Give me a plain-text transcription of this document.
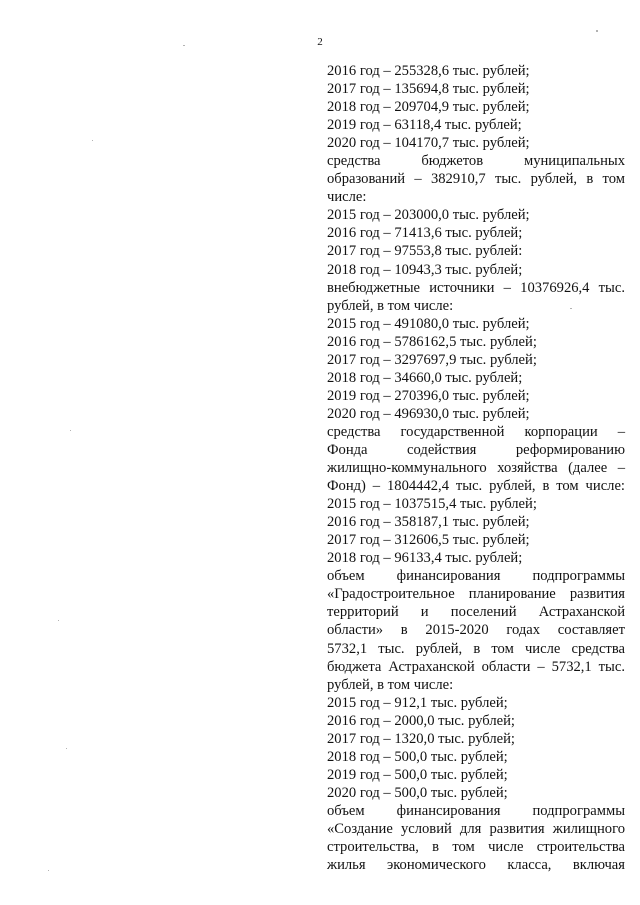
2
2016 год – 255328,6 тыс. рублей;
2017 год – 135694,8 тыс. рублей;
2018 год – 209704,9 тыс. рублей;
2019 год – 63118,4 тыс. рублей;
2020 год – 104170,7 тыс. рублей;
средства бюджетов муниципальных
образований – 382910,7 тыс. рублей, в том
числе:
2015 год – 203000,0 тыс. рублей;
2016 год – 71413,6 тыс. рублей;
2017 год – 97553,8 тыс. рублей:
2018 год – 10943,3 тыс. рублей;
внебюджетные источники – 10376926,4 тыс.
рублей, в том числе:
2015 год – 491080,0 тыс. рублей;
2016 год – 5786162,5 тыс. рублей;
2017 год – 3297697,9 тыс. рублей;
2018 год – 34660,0 тыс. рублей;
2019 год – 270396,0 тыс. рублей;
2020 год – 496930,0 тыс. рублей;
средства государственной корпорации –
Фонда содействия реформированию
жилищно-коммунального хозяйства (далее –
Фонд) – 1804442,4 тыс. рублей, в том числе:
2015 год – 1037515,4 тыс. рублей;
2016 год – 358187,1 тыс. рублей;
2017 год – 312606,5 тыс. рублей;
2018 год – 96133,4 тыс. рублей;
объем финансирования подпрограммы
«Градостроительное планирование развития
территорий и поселений Астраханской
области» в 2015-2020 годах составляет
5732,1 тыс. рублей, в том числе средства
бюджета Астраханской области – 5732,1 тыс.
рублей, в том числе:
2015 год – 912,1 тыс. рублей;
2016 год – 2000,0 тыс. рублей;
2017 год – 1320,0 тыс. рублей;
2018 год – 500,0 тыс. рублей;
2019 год – 500,0 тыс. рублей;
2020 год – 500,0 тыс. рублей;
объем финансирования подпрограммы
«Создание условий для развития жилищного
строительства, в том числе строительства
жилья экономического класса, включая
